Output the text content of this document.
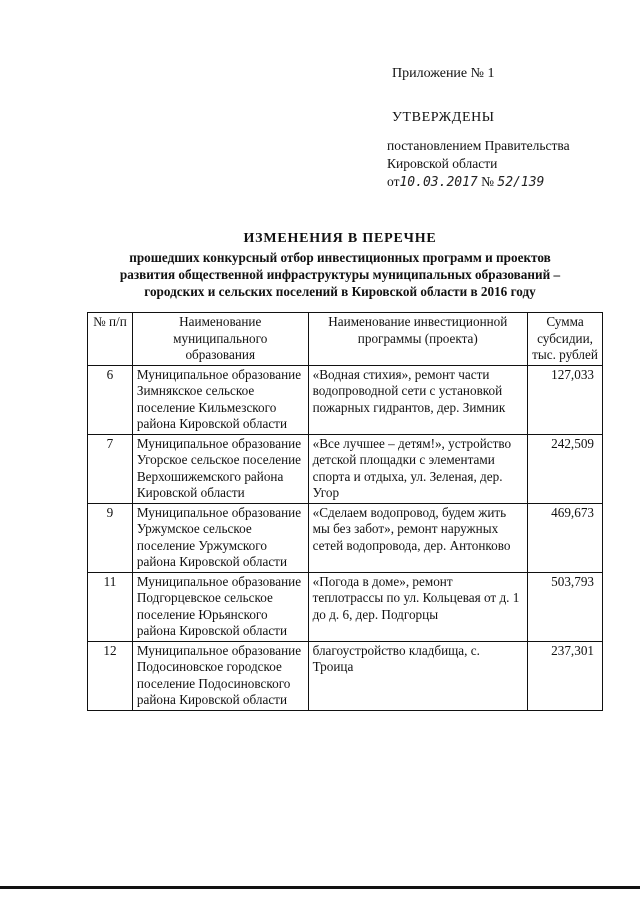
Приложение № 1
УТВЕРЖДЕНЫ
постановлением Правительства
Кировской области
от10.03.2017 № 52/139
ИЗМЕНЕНИЯ В ПЕРЕЧНЕ
прошедших конкурсный отбор инвестиционных программ и проектов
развития общественной инфраструктуры муниципальных образований –
городских и сельских поселений в Кировской области в 2016 году
№ п/п	Наименование муниципального образования	Наименование инвестиционной программы (проекта)	Сумма субсидии, тыс. рублей
6	Муниципальное образование Зимнякское сельское поселение Кильмезского района Кировской области	«Водная стихия», ремонт части водопроводной сети с установкой пожарных гидрантов, дер. Зимник	127,033
7	Муниципальное образование Угорское сельское поселение Верхошижемского района Кировской области	«Все лучшее – детям!», устройство детской площадки с элементами спорта и отдыха, ул. Зеленая, дер. Угор	242,509
9	Муниципальное образование Уржумское сельское поселение Уржумского района Кировской области	«Сделаем водопровод, будем жить мы без забот», ремонт наружных сетей водопровода, дер. Антонково	469,673
11	Муниципальное образование Подгорцевское сельское поселение Юрьянского района Кировской области	«Погода в доме», ремонт теплотрассы по ул. Кольцевая от д. 1 до д. 6, дер. Подгорцы	503,793
12	Муниципальное образование Подосиновское городское поселение Подосиновского района Кировской области	благоустройство кладбища, с. Троица	237,301
